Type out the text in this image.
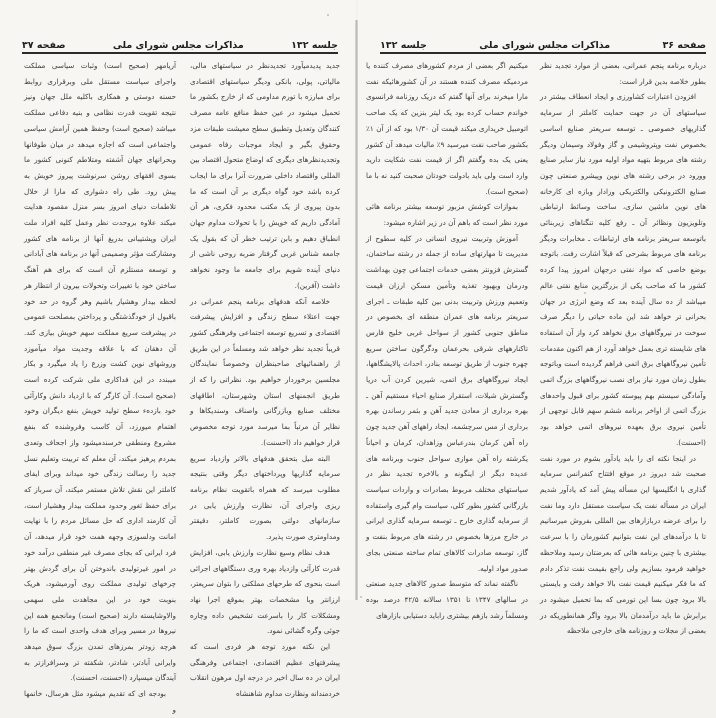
جلسه ۱۳۲
مذاکرات مجلس شورای ملی
صفحه ۳۷

جدید پدیدمیآورد تجدیدنظر در سیاستهای مالی، مالیاتی، پولی، بانکی ودیگر سیاستهای اقتصادی برای مبارزه با تورم مداومی که از خارج بکشور ما تحمیل میشود در عین حفظ منافع عامه مصرف کنندگان وتعدیل وتطبیق سطح معیشت طبقات مزد وحقوق بگیر و ایجاد موجبات رفاه عمومی وتجدیدنظرهای دیگری که اوضاع متحول اقتصاد بین المللی واقتصاد داخلی ضرورت آنرا برای ما ایجاب کرده باشد خود گواه دیگری بر آن است که ما بدون پیروی از یک مکتب محدود فکری، هر آن آمادگی داریم که خویش را با تحولات مداوم جهان انطباق دهیم و بابن ترتیب خطر آن که بقول یک جامعه شناس غربی گرفتار ضربه روحی ناشی از دنیای آینده شویم برای جامعه ما وجود نخواهد داشت (آفرین).

خلاصه آنکه هدفهای برنامه پنجم عمرانی در جهت اعتلاء سطح زندگی و افزایش پیشرفت اقتصادی و تسریع توسعه اجتماعی وفرهنگی کشور قریباً تجدید نظر خواهد شد ومسلماً در این طریق از راهنمائیهای صاحبنظران وخصوصاً نمایندگان مجلسین برخوردار خواهیم بود. نظراتی را که از طریق انجمنهای استان وشهرستان، اطاقهای مختلف صنایع وبازرگانی واصناف وسندیکاها و نظایر آن مرتباً بما میرسد مورد توجه مخصوص قرار خواهیم داد (احسنت).

البته میل بتحقق هدفهای بالاتر وازدیاد سریع سرمایه گذاریها وپرداختهای دیگر وقتی بنتیجه مطلوب میرسد که همراه باتقویت نظام برنامه ریزی واجرای آن، نظارت وارزش یابی در سازمانهای دولتی بصورت کاملتر، دقیقتر ومداومتری صورت پذیرد.

هدف نظام وسیع نظارت وارزش یابی، افزایش قدرت کارآئی وازدیاد بهره وری دستگاههای اجرائی است بنحوی که طرحهای مملکتی را بتوان سریعتر، ارزانتر وبا مشخصات بهتر بموقع اجرا نهاد ومشکلات کار را باسرعت تشخیص داده وچاره جوئی وگره گشائی نمود.

این نکته مورد توجه هر فردی است که پیشرفتهای عظیم اقتصادی، اجتماعی وفرهنگی ایران در ده سال اخیر در درجه اول مرهون انقلاب خردمندانه ونظارت مداوم شاهنشاه

آریامهر (صحیح است) وثبات سیاسی مملکت واجرای سیاست مستقل ملی وبرقراری روابط حسنه دوستی و همکاری باکلیه ملل جهان ونیز نتیجه تقویت قدرت نظامی و بنیه دفاعی مملکت میباشد (صحیح است) وحفظ همین آرامش سیاسی واجتماعی است که اجازه میدهد در میان طوفانها وبحرانهای جهان آشفته ومتلاطم کنونی کشور ما بسوی افقهای روشن سرنوشت پیروز خویش به پیش رود. طی راه دشواری که مارا از خلال تلاطمات دنیای امروز بسر منزل مقصود هدایت میکند علاوه بروحدت نظر وعمل کلیه افراد ملت ایران وپشتیبانی بدریغ آنها از برنامه های کشور ومشارکت مؤثر وصمیمی آنها در برنامه های آبادانی و توسعه مستلزم آن است که برای هم آهنگ ساختن خود با تغییرات وتحولات بیرون از انتظار هر لحظه بیدار وهشیار باشیم وهر گروه در حد خود باقبول از خودگذشتگی و پرداختن بمصلحت عمومی در پیشرفت سریع مملکت سهم خویش بیازی کند. آن دهقان که با علاقه وجدیت مواد میآموزد وروشهای نوین کشت وزرع را یاد میگیرد و بکار میبندد در این فداکاری ملی شرکت کرده است (صحیح است). آن کارگر که با ازدیاد دانش وکارآئی خود بازدهء سطح تولید خویش بنفع دیگران وخود اهتمام میورزد، آن کاسب وفروشنده که بنفع مشروع ومنطقی خرسندمیشود واز اجحاف وتعدی بمردم پرهیز میکند، آن معلم که تربیت وتعلیم نسل جدید را رسالت زندگی خود میداند وبرای ایفای کاملتر این نقش تلاش مستمر میکند، آن سرباز که برای حفظ ثغور وحدود مملکت بیدار وهشیار است، آن کارمند اداری که حل مسائل مردم را با نهایت امانت ودلسوزی وجهه همت خود قرار میدهد، آن فرد ایرانی که بجای مصرف غیر منطقی درآمد خود در امور غیرتولیدی باندوختن آن برای گردش بهتر چرخهای تولیدی مملکت روی آورمیشود، هریک بنوبت خود در این مجاهدت ملی سهمی والاوشایسته دارند (صحیح است) ومانجمع همه این نیروها در مسیر وبرای هدف واحدی است که ما را هرچه زودتر بمرزهای تمدن بزرگ سوق میدهد وایرانی آبادتر، شادتر، شکفته تر وسرافرازتر به آیندگان میسپارد (احسنت، احسنت).

بودجه ای که تقدیم میشود مثل هرسال، خانمها و

صفحه ۳۶
مذاکرات مجلس شورای ملی
جلسه ۱۳۲

درباره برنامه پنجم عمرانی، بعضی از موارد تجدید نظر بطور خلاصه بدین قرار است:

افزودن اعتبارات کشاورزی و ایجاد انعطاف بیشتر در سیاستهای آن در جهت حمایت کاملتر از سرمایه گذاریهای خصوصی ـ توسعه سریعتر صنایع اساسی بخصوص نفت وپتروشیمی و گاز وفولاد وسیمان ودیگر رشته های مربوط بتهیه مواد اولیه مورد نیاز سایر صنایع وورود در برخی رشته های نوین وپیشرو صنعتی چون صنایع الکترونیکی والکتریکی ورادار وبازه ای کارخانه های نوین ماشین سازی، ساخت وسائط ارتباطی وتلویزیون ونظائر آن ـ رفع کلیه تنگناهای زیربنائی باتوسعه سریعتر برنامه های ارتباطات ـ مخابرات ودیگر برنامه های مربوط بشرحی که قبلاً اشارت رفت. باتوجه بوضع خاصی که مواد نفتی درجهان امروز پیدا کرده کشور ما که صاحب یکی از بزرگترین منابع نفتی عالم میباشد از ده سال آینده بعد که وضع انرژی در جهان بحرانی تر خواهد شد این ماده حیاتی را دیگر صرف سوخت در نیروگاههای برق نخواهد کرد واز آن استفاده های شایسته تری بعمل خواهد آورد از هم اکنون مقدمات تأمین نیروگاههای برق اتمی فراهم گردیده است وباتوجه بطول زمان مورد نیاز برای نصب نیروگاههای بزرگ اتمی وآمادگی سیستم بهم پیوسته کشور برای قبول واحدهای بزرگ اتمی از اواخر برنامه ششم سهم قابل توجهی از تأمین نیروی برق بعهده نیروهای اتمی خواهد بود (احسنت).

در اینجا نکته ای را باید یادآور بشوم در مورد نفت صحبت شد دیروز در موقع افتتاح کنفرانس سرمایه گذاری با انگلیسها این مسأله پیش آمد که یادآور شدیم ایران در مسأله نفت یک سیاست مستقل دارد وما نفت را برای عرضه دربازارهای بین المللی بفروش میرسانیم تا با درآمدهای این نفت بتوانیم کشورمان را با سرعت بیشتری با چنین برنامه هائی که بعرضتان رسید وملاحظه خواهید فرمود بسازیم ولی راجع بقیمت نفت تذکر دادم که ما فکر میکنیم قیمت نفت بالا خواهد رفت و بایستی بالا برود چون بسا این تورمی که بما تحمیل میشود در برابرش ما باید درآمدمان بالا برود واگر همانطوریکه در بعضی از مجلات و روزنامه های خارجی ملاحظه

میکنیم اگر بعضی از مردم کشورهای مصرف کننده یا مردمیکه مصرف کننده هستند در آن کشورهائیکه نفت مارا میخرند برای آنها گفتم که دریک روزنامه فرانسوی خواندم حساب کرده بود یک لیتر بنزین که یک صاحب اتومبیل خریداری میکند قیمت آن ۱/۳۰ بود که از آن ۱٪ بکشور صاحب نفت میرسید ۹٪ مالیات میدهد آن کشور یعنی یک بده وگفتم اگر از قیمت نفت شکایت دارید وارد است ولی باید بادولت خودتان صحبت کنید نه با ما (صحیح است).

بموازات کوشش مزبور توسعه بیشتر برنامه هائی مورد نظر است که باهم آن در زیر اشاره میشود:

آموزش وتربیت نیروی انسانی در کلیه سطوح از مدیریت تا مهارتهای ساده از جمله در رشته ساختمان، گسترش فزونتر بعضی خدمات اجتماعی چون بهداشت ودرمان وبهبود تغذیه وتأمین مسکن ارزان قیمت وتعمیم ورزش وتربیت بدنی بین کلیه طبقات ـ اجرای سریعتر برنامه های عمران منطقه ای بخصوص در مناطق جنوبی کشور از سواحل غربی خلیج فارس تاکنارههای شرقی بحرعمان ودگرگون ساختن سریع چهره جنوب از طریق توسعه بنادر، احداث پالایشگاهها، ایجاد نیروگاههای برق اتمی، شیرین کردن آب دریا وگسترش شیلات، استقرار صنایع احیاء مستقیم آهن ـ بهره برداری از معادن جدید آهن و بثمر رساندن بهره برداری از مس سرچشمه، ایجاد راههای آهن جدید چون راه آهن کرمان بندرعباس وزاهدان، کرمان و احیاناً یکرشته راه آهن موازی سواحل جنوب وبرنامه های عدیده دیگر از اینگونه و بالاخره تجدید نظر در سیاستهای مختلف مربوط بصادرات و واردات سیاست بازرگانی کشور بطور کلی، سیاست وام گیری واستفاده از سرمایه گذاری خارج ـ توسعه سرمایه گذاری ایرانی در خارج مرزها بخصوص در رشته های مربوط بنفت و گاز، توسعه صادرات کالاهای تمام ساخته صنعتی بجای صدور مواد اولیه.

ناگفته نماند که متوسط صدور کالاهای جدید صنعتی در سالهای ۱۳۴۷ تا ۱۳۵۱ سالانه ۴۲/۵ درصد بوده ومسلماً رشد بازهم بیشتری راباید دستیابی بازارهای
